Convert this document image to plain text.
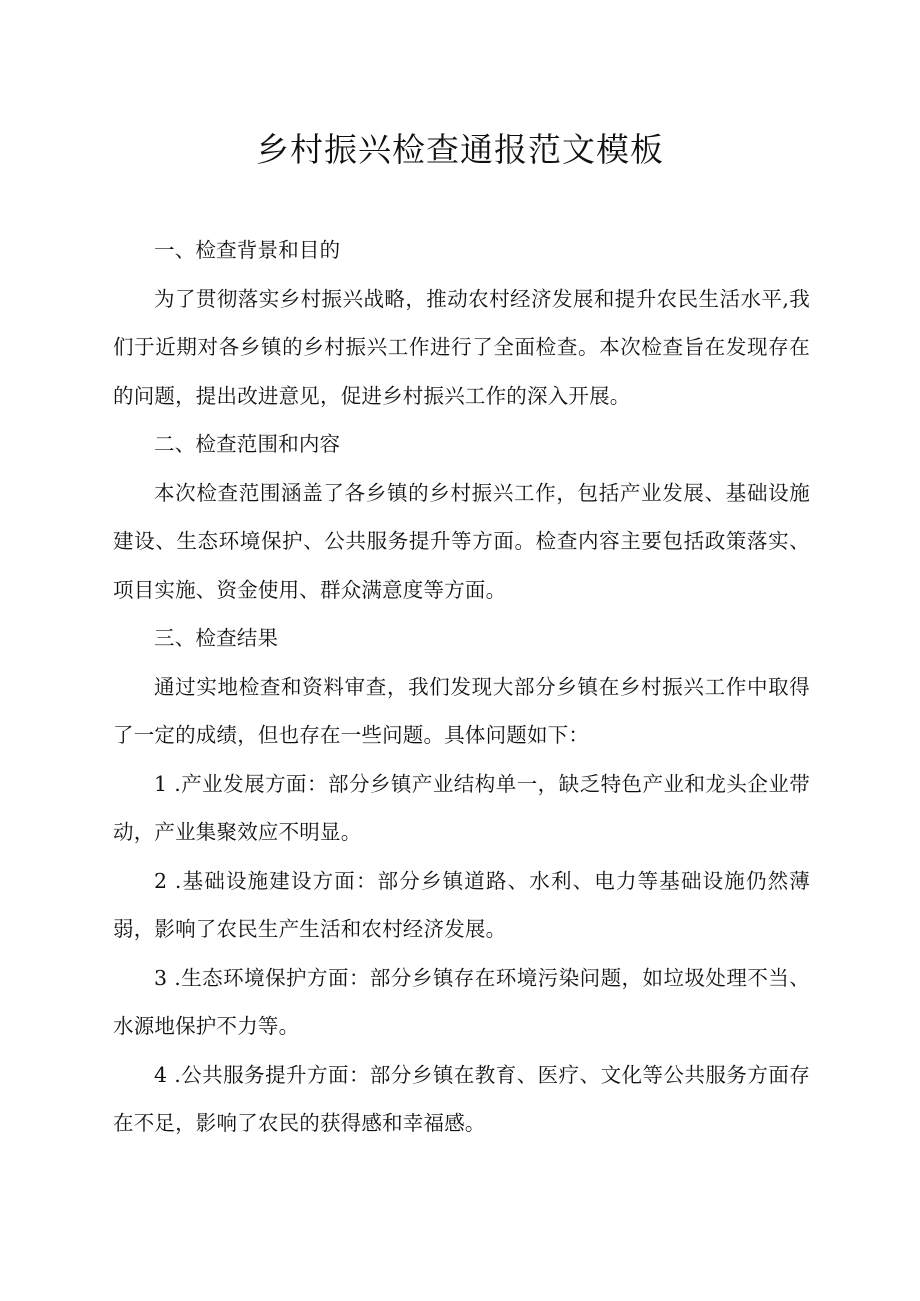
乡村振兴检查通报范文模板

一、检查背景和目的

为了贯彻落实乡村振兴战略，推动农村经济发展和提升农民生活水平,我们于近期对各乡镇的乡村振兴工作进行了全面检查。本次检查旨在发现存在的问题，提出改进意见，促进乡村振兴工作的深入开展。

二、检查范围和内容

本次检查范围涵盖了各乡镇的乡村振兴工作，包括产业发展、基础设施建设、生态环境保护、公共服务提升等方面。检查内容主要包括政策落实、项目实施、资金使用、群众满意度等方面。

三、检查结果

通过实地检查和资料审查，我们发现大部分乡镇在乡村振兴工作中取得了一定的成绩，但也存在一些问题。具体问题如下：

1 .产业发展方面：部分乡镇产业结构单一，缺乏特色产业和龙头企业带动，产业集聚效应不明显。

2 .基础设施建设方面：部分乡镇道路、水利、电力等基础设施仍然薄弱，影响了农民生产生活和农村经济发展。

3 .生态环境保护方面：部分乡镇存在环境污染问题，如垃圾处理不当、水源地保护不力等。

4 .公共服务提升方面：部分乡镇在教育、医疗、文化等公共服务方面存在不足，影响了农民的获得感和幸福感。
